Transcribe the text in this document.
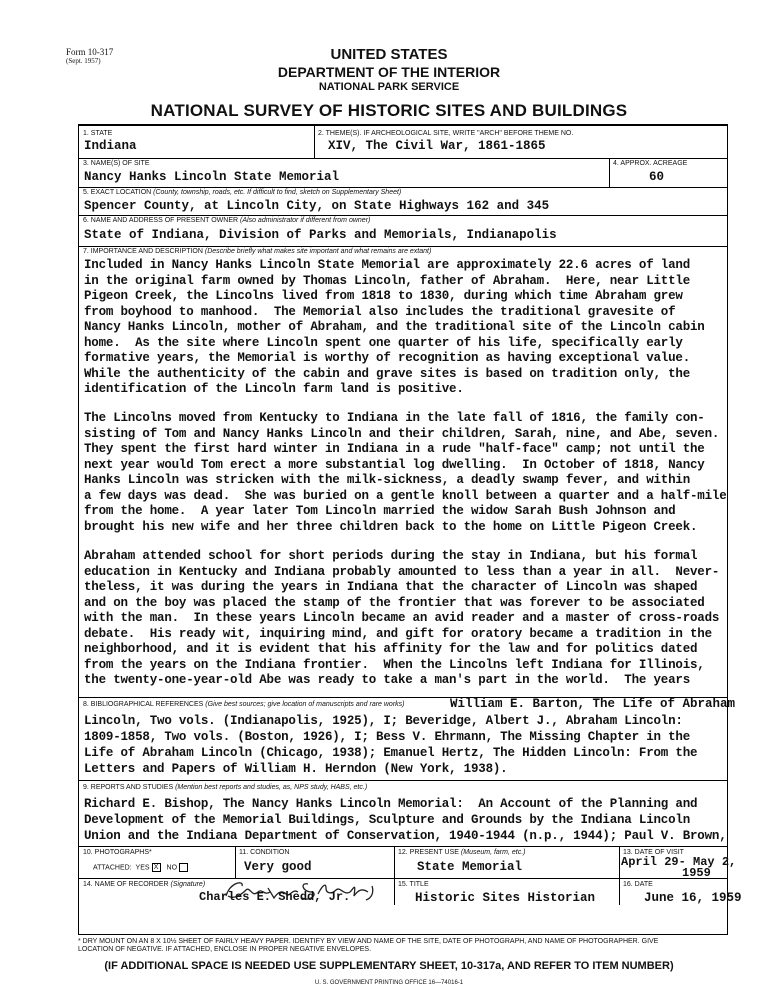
Form 10-317
(Sept. 1957)	UNITED STATES
DEPARTMENT OF THE INTERIOR
NATIONAL PARK SERVICE
NATIONAL SURVEY OF HISTORIC SITES AND BUILDINGS
1. STATE
Indiana
2. THEME(S). IF ARCHEOLOGICAL SITE, WRITE "ARCH" BEFORE THEME NO.
XIV, The Civil War, 1861-1865
3. NAME(S) OF SITE
Nancy Hanks Lincoln State Memorial
4. APPROX. ACREAGE
60
5. EXACT LOCATION (County, township, roads, etc. If difficult to find, sketch on Supplementary Sheet)
Spencer County, at Lincoln City, on State Highways 162 and 345
6. NAME AND ADDRESS OF PRESENT OWNER (Also administrator if different from owner)
State of Indiana, Division of Parks and Memorials, Indianapolis
7. IMPORTANCE AND DESCRIPTION (Describe briefly what makes site important and what remains are extant)
Included in Nancy Hanks Lincoln State Memorial are approximately 22.6 acres of land
in the original farm owned by Thomas Lincoln, father of Abraham.  Here, near Little
Pigeon Creek, the Lincolns lived from 1818 to 1830, during which time Abraham grew
from boyhood to manhood.  The Memorial also includes the traditional gravesite of
Nancy Hanks Lincoln, mother of Abraham, and the traditional site of the Lincoln cabin
home.  As the site where Lincoln spent one quarter of his life, specifically early
formative years, the Memorial is worthy of recognition as having exceptional value.
While the authenticity of the cabin and grave sites is based on tradition only, the
identification of the Lincoln farm land is positive.
The Lincolns moved from Kentucky to Indiana in the late fall of 1816, the family con-
sisting of Tom and Nancy Hanks Lincoln and their children, Sarah, nine, and Abe, seven.
They spent the first hard winter in Indiana in a rude "half-face" camp; not until the
next year would Tom erect a more substantial log dwelling.  In October of 1818, Nancy
Hanks Lincoln was stricken with the milk-sickness, a deadly swamp fever, and within
a few days was dead.  She was buried on a gentle knoll between a quarter and a half-mile
from the home.  A year later Tom Lincoln married the widow Sarah Bush Johnson and
brought his new wife and her three children back to the home on Little Pigeon Creek.
Abraham attended school for short periods during the stay in Indiana, but his formal
education in Kentucky and Indiana probably amounted to less than a year in all.  Never-
theless, it was during the years in Indiana that the character of Lincoln was shaped
and on the boy was placed the stamp of the frontier that was forever to be associated
with the man.  In these years Lincoln became an avid reader and a master of cross-roads
debate.  His ready wit, inquiring mind, and gift for oratory became a tradition in the
neighborhood, and it is evident that his affinity for the law and for politics dated
from the years on the Indiana frontier.  When the Lincolns left Indiana for Illinois,
the twenty-one-year-old Abe was ready to take a man's part in the world.  The years
8. BIBLIOGRAPHICAL REFERENCES (Give best sources; give location of manuscripts and rare works)	William E. Barton, The Life of Abraham
Lincoln, Two vols. (Indianapolis, 1925), I; Beveridge, Albert J., Abraham Lincoln:
1809-1858, Two vols. (Boston, 1926), I; Bess V. Ehrmann, The Missing Chapter in the
Life of Abraham Lincoln (Chicago, 1938); Emanuel Hertz, The Hidden Lincoln: From the
Letters and Papers of William H. Herndon (New York, 1938).
9. REPORTS AND STUDIES (Mention best reports and studies, as, NPS study, HABS, etc.)
Richard E. Bishop, The Nancy Hanks Lincoln Memorial:  An Account of the Planning and
Development of the Memorial Buildings, Sculpture and Grounds by the Indiana Lincoln
Union and the Indiana Department of Conservation, 1940-1944 (n.p., 1944); Paul V. Brown,
10. PHOTOGRAPHS*
ATTACHED: YES X NO
11. CONDITION
Very good
12. PRESENT USE (Museum, farm, etc.)
State Memorial
13. DATE OF VISIT
April 29- May 2,
1959
14. NAME OF RECORDER (Signature)
Charles E. Shedd, Jr.
15. TITLE
Historic Sites Historian
16. DATE
June 16, 1959
* DRY MOUNT ON AN 8 X 10½ SHEET OF FAIRLY HEAVY PAPER. IDENTIFY BY VIEW AND NAME OF THE SITE, DATE OF PHOTOGRAPH, AND NAME OF PHOTOGRAPHER. GIVE
LOCATION OF NEGATIVE. IF ATTACHED, ENCLOSE IN PROPER NEGATIVE ENVELOPES.
(IF ADDITIONAL SPACE IS NEEDED USE SUPPLEMENTARY SHEET, 10-317a, AND REFER TO ITEM NUMBER)
U. S. GOVERNMENT PRINTING OFFICE 16—74016-1
